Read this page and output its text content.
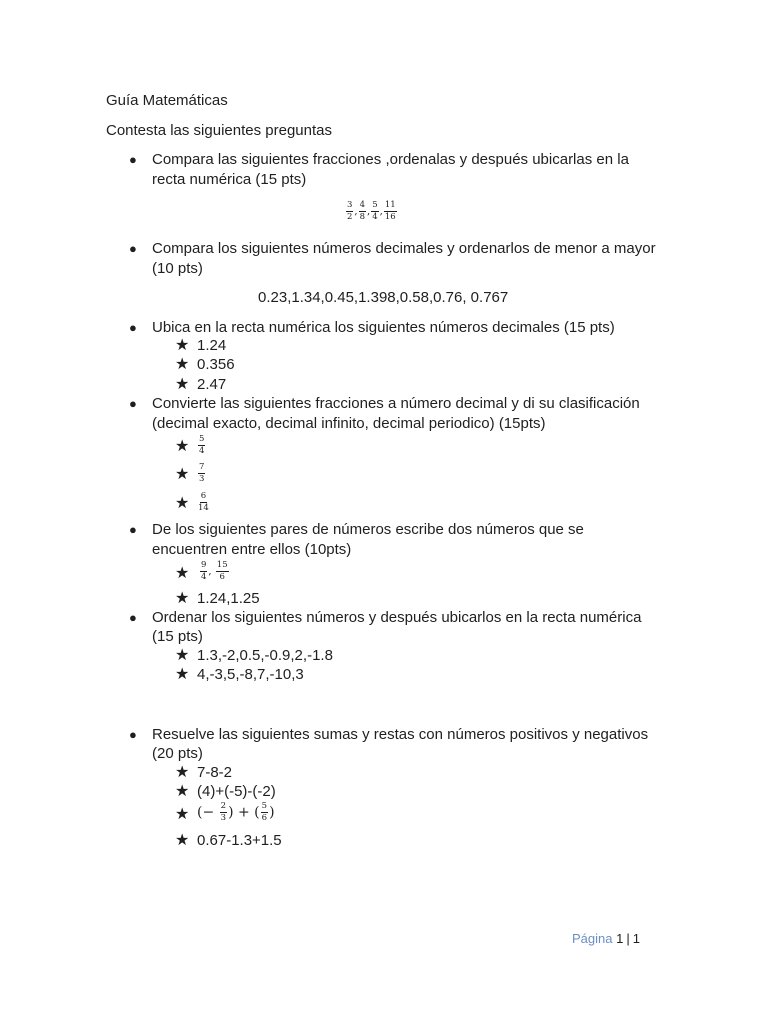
Guía Matemáticas
Contesta las siguientes preguntas
● Compara las siguientes fracciones ,ordenalas y después ubicarlas en la
recta numérica (15 pts)
$\frac{3}{2}$ , $\frac{4}{8}$ , $\frac{5}{4}$ , $\frac{11}{16}$
● Compara los siguientes números decimales y ordenarlos de menor a mayor
(10 pts)
0.23,1.34,0.45,1.398,0.58,0.76, 0.767
● Ubica en la recta numérica los siguientes números decimales (15 pts)
★ 1.24
★ 0.356
★ 2.47
● Convierte las siguientes fracciones a número decimal y di su clasificación
(decimal exacto, decimal infinito, decimal periodico) (15pts)
★ $\frac{5}{4}$
★ $\frac{7}{3}$
★ $\frac{6}{14}$
● De los siguientes pares de números escribe dos números que se
encuentren entre ellos (10pts)
★ $\frac{9}{4}$ , $\frac{15}{6}$
★ 1.24,1.25
● Ordenar los siguientes números y después ubicarlos en la recta numérica
(15 pts)
★ 1.3,-2,0.5,-0.9,2,-1.8
★ 4,-3,5,-8,7,-10,3
● Resuelve las siguientes sumas y restas con números positivos y negativos
(20 pts)
★ 7-8-2
★ (4)+(-5)-(-2)
★ (− $\frac{2}{3}$ ) + ( $\frac{5}{6}$ )
★ 0.67-1.3+1.5
Página 1 | 1
